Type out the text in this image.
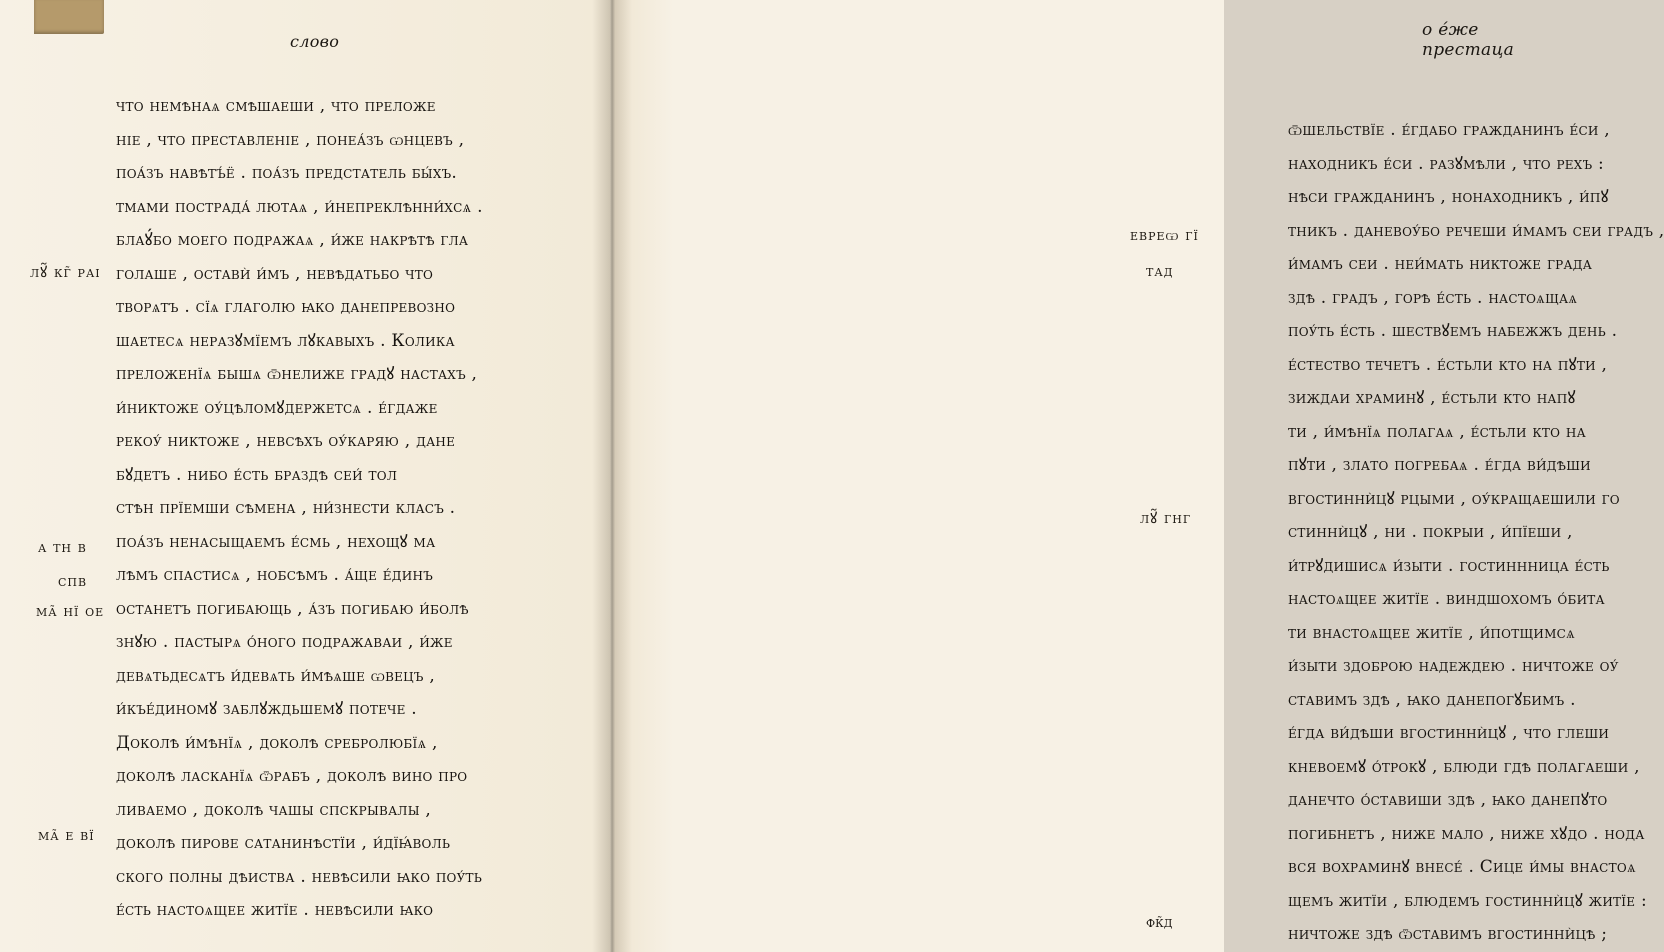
слово
что немѣнаѧ смѣшаеши , что преложе
ніе , что преставленіе , понеа́зъ ѡнцевъ ,
поа́зъ навѣтъ́ё . поа́зъ предстатель бы́хъ.
тмами пострада́ лютаѧ , и́непреклѣнни́хсѧ .
блаꙋ́бо моего подражаѧ , и́же накрѣтѣ гла
голаше , оставѝ и́мъ , невѣдатьбо что
творѧтъ . сїѧ глаголю ꙗко данепревозно
шаетесѧ неразꙋмїемъ лꙋкавыхъ . Колика
преложенїѧ бышѧ ѿнелиже градꙋ настахъ ,
и́никтоже оу́цѣломꙋдержетсѧ . е́гдаже
рекоу́ никтоже , невсѣхъ оу́каряю , дане
бꙋдетъ . нибо е́сть браздѣ сеи́ тол
стѣн прїемши сѣмена , ни́знести класъ .
поа́зъ ненасыщаемъ е́смь , нехощꙋ ма
лѣмъ спастисѧ , нобсѣмъ . а́ще е́динъ
останетъ погибающь , а́зъ погибаю и́болѣ
знꙋю . пастырѧ о́ного подражаваи , и́же
девѧтьдесѧтъ и́девѧть и́мѣѧше ѡвецъ ,
и́къе́диномꙋ заблꙋждьшемꙋ потече .
Доколѣ и́мѣнїѧ , доколѣ сребролюбїѧ ,
доколѣ ласканїѧ ѿрабъ , доколѣ вино про
ливаемо , доколѣ чашы спскрывалы ,
доколѣ пирове сатанинѣстїи , и́дїꙗ́воль
ского полны дѣиства . невѣсили ꙗко поу́ть
е́сть настоѧщее житїе . невѣсили ꙗко
лꙋ̃ кг̃ раі
а тн в
спв
ма̃ нї ое
ма̃ е вї
о е́же престаца
ѿшельствїе . е́гдабо гражданинъ е́си ,
находникъ е́си . разꙋмѣли , что рехъ :
нѣси гражданинъ , нонаходникъ , и́пꙋ
тникъ . даневоу́бо речеши и́мамъ сеи градъ ,
и́мамъ сеи . неи́мать никтоже града
здѣ . градъ , горѣ е́сть . настоѧщаѧ
поу́ть е́сть . шествꙋемъ набежжъ день .
е́стество течетъ . е́стьли кто на пꙋти ,
зиждаи храминꙋ , е́стьли кто напꙋ
ти , и́мѣнїѧ полагаѧ , е́стьли кто на
пꙋти , злато погребаѧ . е́гда ви́дѣши
вгостиннѝцꙋ рцыми , оу́кращаешили го
стиннѝцꙋ , ни . покрыи , и́пїеши ,
и́трꙋдишисѧ и́зыти . гостиннница е́сть
настоѧщее житїе . виндшохомъ о́бита
ти внастоѧщее житїе , и́потщимсѧ
и́зыти здоброю надеждею . ничтоже оу́
ставимъ здѣ , ꙗко данепогꙋбимъ .
е́гда ви́дѣши вгостиннѝцꙋ , что глеши
кневоемꙋ о́трокꙋ , блюди гдѣ полагаеши ,
данечто о́ставиши здѣ , ꙗко данепꙋто
погибнетъ , ниже мало , ниже хꙋдо . нода
вся вохраминꙋ внесе́ . Сице и́мы внастоѧ
щемъ житїи , блюдемъ гостиннѝцꙋ житїе :
ничтоже здѣ ѿставимъ вгостиннѝцѣ ;
евреѡ гї
тад
лꙋ̃ гнг
фк̃д
